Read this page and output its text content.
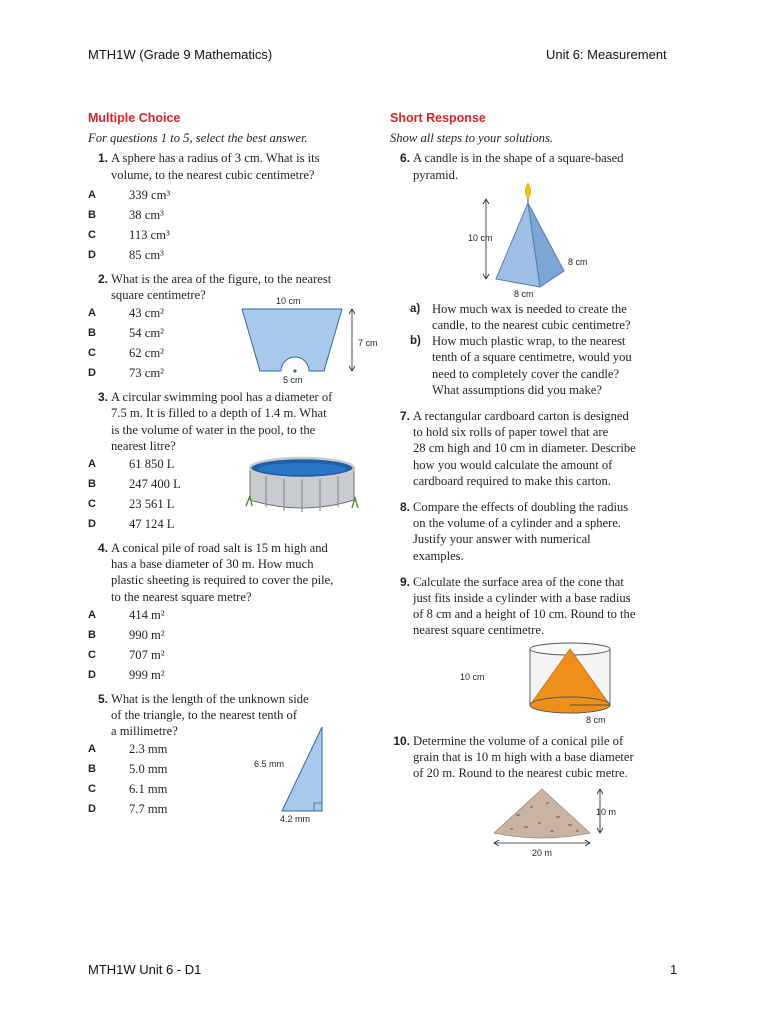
MTH1W (Grade 9 Mathematics)	Unit 6: Measurement
Multiple Choice
For questions 1 to 5, select the best answer.
1. A sphere has a radius of 3 cm. What is its
volume, to the nearest cubic centimetre?
A	339 cm³
B	38 cm³
C	113 cm³
D	85 cm³
2. What is the area of the figure, to the nearest
square centimetre?
A	43 cm²
B	54 cm²
C	62 cm²
D	73 cm²
10 cm
7 cm
5 cm
3. A circular swimming pool has a diameter of
7.5 m. It is filled to a depth of 1.4 m. What
is the volume of water in the pool, to the
nearest litre?
A	61 850 L
B	247 400 L
C	23 561 L
D	47 124 L
4. A conical pile of road salt is 15 m high and
has a base diameter of 30 m. How much
plastic sheeting is required to cover the pile,
to the nearest square metre?
A	414 m²
B	990 m²
C	707 m²
D	999 m²
5. What is the length of the unknown side
of the triangle, to the nearest tenth of
a millimetre?
A	2.3 mm
B	5.0 mm
C	6.1 mm
D	7.7 mm
6.5 mm
4.2 mm
Short Response
Show all steps to your solutions.
6. A candle is in the shape of a square-based
pyramid.
10 cm
8 cm
8 cm
a) How much wax is needed to create the
candle, to the nearest cubic centimetre?
b) How much plastic wrap, to the nearest
tenth of a square centimetre, would you
need to completely cover the candle?
What assumptions did you make?
7. A rectangular cardboard carton is designed
to hold six rolls of paper towel that are
28 cm high and 10 cm in diameter. Describe
how you would calculate the amount of
cardboard required to make this carton.
8. Compare the effects of doubling the radius
on the volume of a cylinder and a sphere.
Justify your answer with numerical
examples.
9. Calculate the surface area of the cone that
just fits inside a cylinder with a base radius
of 8 cm and a height of 10 cm. Round to the
nearest square centimetre.
10 cm
8 cm
10. Determine the volume of a conical pile of
grain that is 10 m high with a base diameter
of 20 m. Round to the nearest cubic metre.
10 m
20 m
MTH1W Unit 6 - D1	1
